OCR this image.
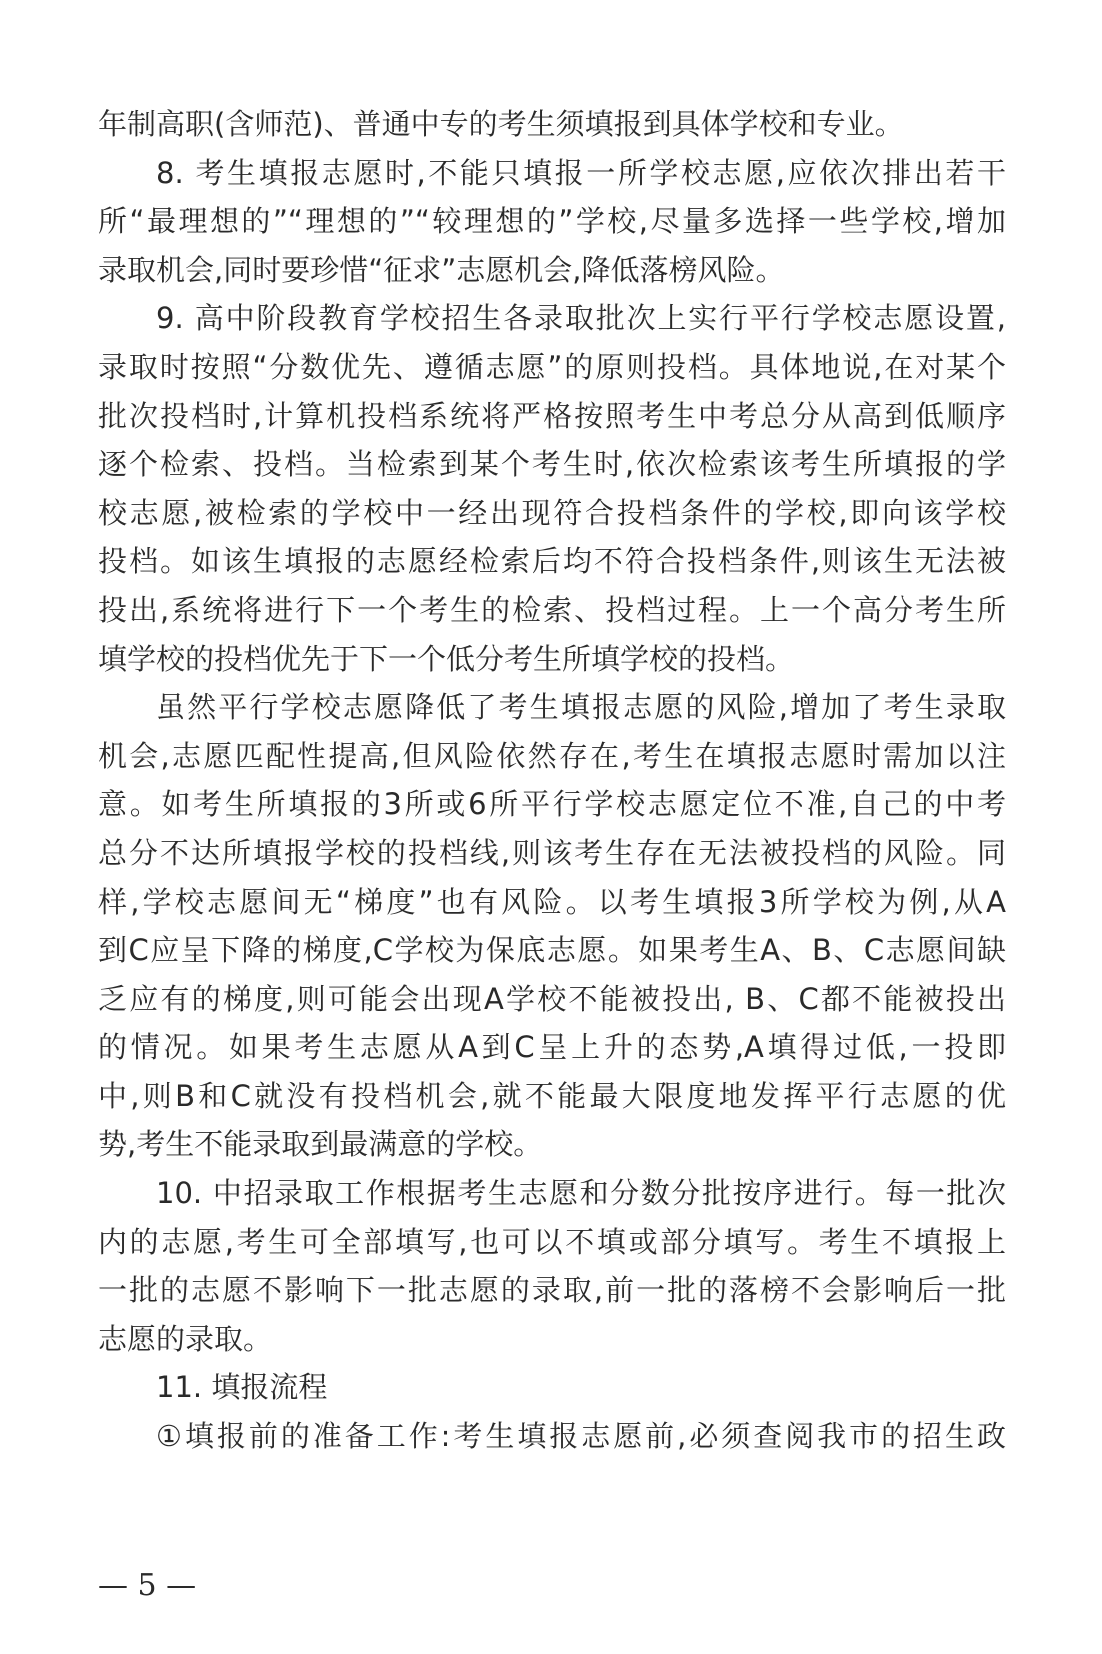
年制高职(含师范)、普通中专的考生须填报到具体学校和专业。
8. 考生填报志愿时,不能只填报一所学校志愿,应依次排出若干
所“最理想的”“理想的”“较理想的”学校,尽量多选择一些学校,增加
录取机会,同时要珍惜“征求”志愿机会,降低落榜风险。
9. 高中阶段教育学校招生各录取批次上实行平行学校志愿设置,
录取时按照“分数优先、遵循志愿”的原则投档。具体地说,在对某个
批次投档时,计算机投档系统将严格按照考生中考总分从高到低顺序
逐个检索、投档。当检索到某个考生时,依次检索该考生所填报的学
校志愿,被检索的学校中一经出现符合投档条件的学校,即向该学校
投档。如该生填报的志愿经检索后均不符合投档条件,则该生无法被
投出,系统将进行下一个考生的检索、投档过程。上一个高分考生所
填学校的投档优先于下一个低分考生所填学校的投档。
虽然平行学校志愿降低了考生填报志愿的风险,增加了考生录取
机会,志愿匹配性提高,但风险依然存在,考生在填报志愿时需加以注
意。如考生所填报的3所或6所平行学校志愿定位不准,自己的中考
总分不达所填报学校的投档线,则该考生存在无法被投档的风险。同
样,学校志愿间无“梯度”也有风险。以考生填报3所学校为例,从A
到C应呈下降的梯度,C学校为保底志愿。如果考生A、B、C志愿间缺
乏应有的梯度,则可能会出现A学校不能被投出, B、C都不能被投出
的情况。如果考生志愿从A到C呈上升的态势,A填得过低,一投即
中,则B和C就没有投档机会,就不能最大限度地发挥平行志愿的优
势,考生不能录取到最满意的学校。
10. 中招录取工作根据考生志愿和分数分批按序进行。每一批次
内的志愿,考生可全部填写,也可以不填或部分填写。考生不填报上
一批的志愿不影响下一批志愿的录取,前一批的落榜不会影响后一批
志愿的录取。
11. 填报流程
①填报前的准备工作:考生填报志愿前,必须查阅我市的招生政
— 5 —
